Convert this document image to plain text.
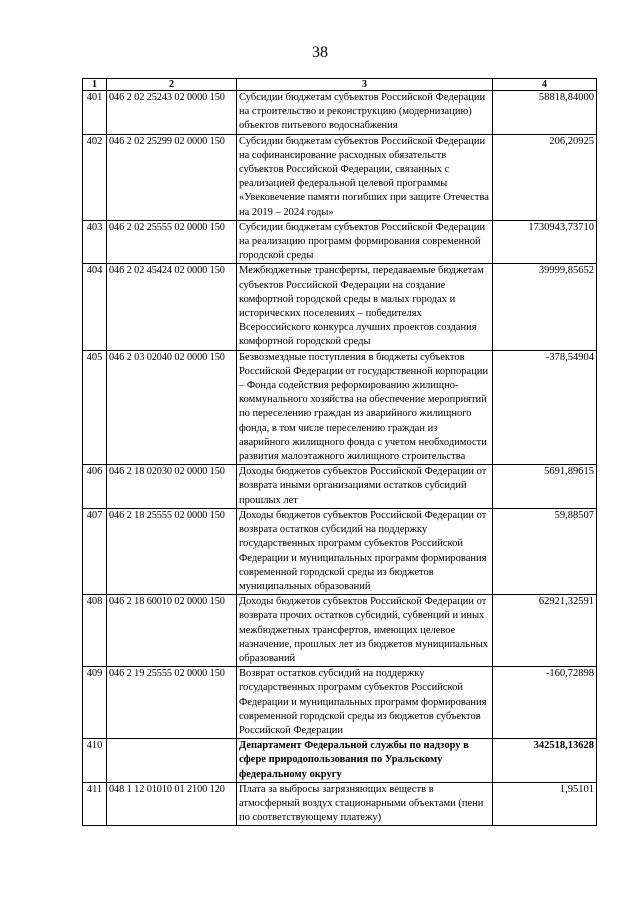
38
1	2	3	4
401	046 2 02 25243 02 0000 150	Субсидии бюджетам субъектов Российской Федерации на строительство и реконструкцию (модернизацию) объектов питьевого водоснабжения	58818,84000
402	046 2 02 25299 02 0000 150	Субсидии бюджетам субъектов Российской Федерации на софинансирование расходных обязательств субъектов Российской Федерации, связанных с реализацией федеральной целевой программы «Увековечение памяти погибших при защите Отечества на 2019 – 2024 годы»	206,20925
403	046 2 02 25555 02 0000 150	Субсидии бюджетам субъектов Российской Федерации на реализацию программ формирования современной городской среды	1730943,73710
404	046 2 02 45424 02 0000 150	Межбюджетные трансферты, передаваемые бюджетам субъектов Российской Федерации на создание комфортной городской среды в малых городах и исторических поселениях – победителях Всероссийского конкурса лучших проектов создания комфортной городской среды	39999,85652
405	046 2 03 02040 02 0000 150	Безвозмездные поступления в бюджеты субъектов Российской Федерации от государственной корпорации – Фонда содействия реформированию жилищно-коммунального хозяйства на обеспечение мероприятий по переселению граждан из аварийного жилищного фонда, в том числе переселению граждан из аварийного жилищного фонда с учетом необходимости развития малоэтажного жилищного строительства	-378,54904
406	046 2 18 02030 02 0000 150	Доходы бюджетов субъектов Российской Федерации от возврата иными организациями остатков субсидий прошлых лет	5691,89615
407	046 2 18 25555 02 0000 150	Доходы бюджетов субъектов Российской Федерации от возврата остатков субсидий на поддержку государственных программ субъектов Российской Федерации и муниципальных программ формирования современной городской среды из бюджетов муниципальных образований	59,88507
408	046 2 18 60010 02 0000 150	Доходы бюджетов субъектов Российской Федерации от возврата прочих остатков субсидий, субвенций и иных межбюджетных трансфертов, имеющих целевое назначение, прошлых лет из бюджетов муниципальных образований	62921,32591
409	046 2 19 25555 02 0000 150	Возврат остатков субсидий на поддержку государственных программ субъектов Российской Федерации и муниципальных программ формирования современной городской среды из бюджетов субъектов Российской Федерации	-160,72898
410		Департамент Федеральной службы по надзору в сфере природопользования по Уральскому федеральному округу	342518,13628
411	048 1 12 01010 01 2100 120	Плата за выбросы загрязняющих веществ в атмосферный воздух стационарными объектами (пени по соответствующему платежу)	1,95101
